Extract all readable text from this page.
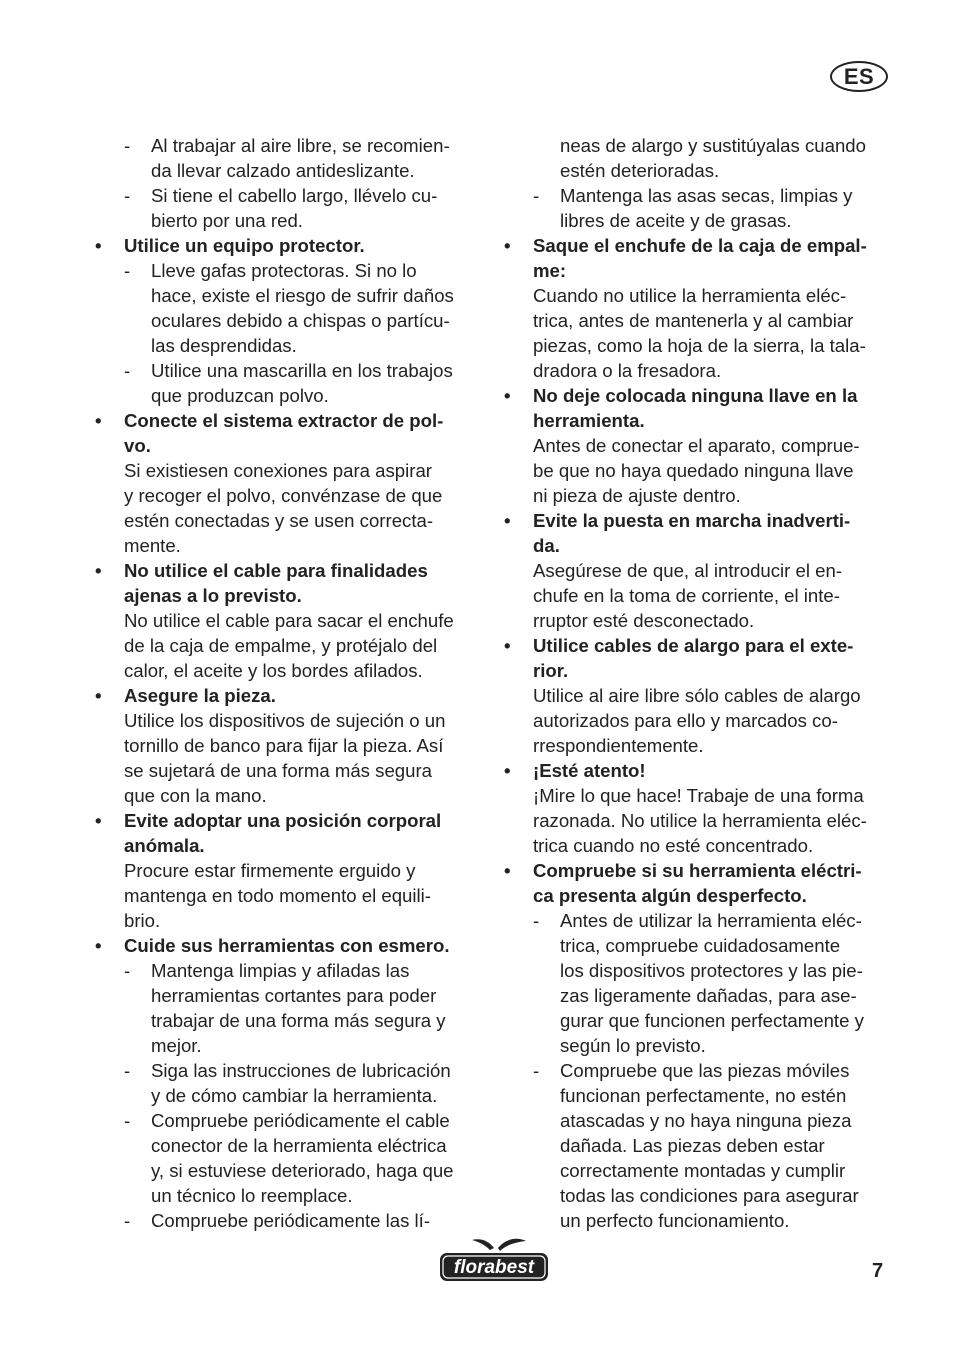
ES
- Al trabajar al aire libre, se recomien-
da llevar calzado antideslizante.
- Si tiene el cabello largo, llévelo cu-
bierto por una red.
• Utilice un equipo protector.
- Lleve gafas protectoras. Si no lo
hace, existe el riesgo de sufrir daños
oculares debido a chispas o partícu-
las desprendidas.
- Utilice una mascarilla en los trabajos
que produzcan polvo.
• Conecte el sistema extractor de pol-
vo.
Si existiesen conexiones para aspirar
y recoger el polvo, convénzase de que
estén conectadas y se usen correcta-
mente.
• No utilice el cable para finalidades
ajenas a lo previsto.
No utilice el cable para sacar el enchufe
de la caja de empalme, y protéjalo del
calor, el aceite y los bordes afilados.
• Asegure la pieza.
Utilice los dispositivos de sujeción o un
tornillo de banco para fijar la pieza. Así
se sujetará de una forma más segura
que con la mano.
• Evite adoptar una posición corporal
anómala.
Procure estar firmemente erguido y
mantenga en todo momento el equili-
brio.
• Cuide sus herramientas con esmero.
- Mantenga limpias y afiladas las
herramientas cortantes para poder
trabajar de una forma más segura y
mejor.
- Siga las instrucciones de lubricación
y de cómo cambiar la herramienta.
- Compruebe periódicamente el cable
conector de la herramienta eléctrica
y, si estuviese deteriorado, haga que
un técnico lo reemplace.
- Compruebe periódicamente las lí-
neas de alargo y sustitúyalas cuando
estén deterioradas.
- Mantenga las asas secas, limpias y
libres de aceite y de grasas.
• Saque el enchufe de la caja de empal-
me:
Cuando no utilice la herramienta eléc-
trica, antes de mantenerla y al cambiar
piezas, como la hoja de la sierra, la tala-
dradora o la fresadora.
• No deje colocada ninguna llave en la
herramienta.
Antes de conectar el aparato, comprue-
be que no haya quedado ninguna llave
ni pieza de ajuste dentro.
• Evite la puesta en marcha inadverti-
da.
Asegúrese de que, al introducir el en-
chufe en la toma de corriente, el inte-
rruptor esté desconectado.
• Utilice cables de alargo para el exte-
rior.
Utilice al aire libre sólo cables de alargo
autorizados para ello y marcados co-
rrespondientemente.
• ¡Esté atento!
¡Mire lo que hace! Trabaje de una forma
razonada. No utilice la herramienta eléc-
trica cuando no esté concentrado.
• Compruebe si su herramienta eléctri-
ca presenta algún desperfecto.
- Antes de utilizar la herramienta eléc-
trica, compruebe cuidadosamente
los dispositivos protectores y las pie-
zas ligeramente dañadas, para ase-
gurar que funcionen perfectamente y
según lo previsto.
- Compruebe que las piezas móviles
funcionan perfectamente, no estén
atascadas y no haya ninguna pieza
dañada. Las piezas deben estar
correctamente montadas y cumplir
todas las condiciones para asegurar
un perfecto funcionamiento.
florabest	7
